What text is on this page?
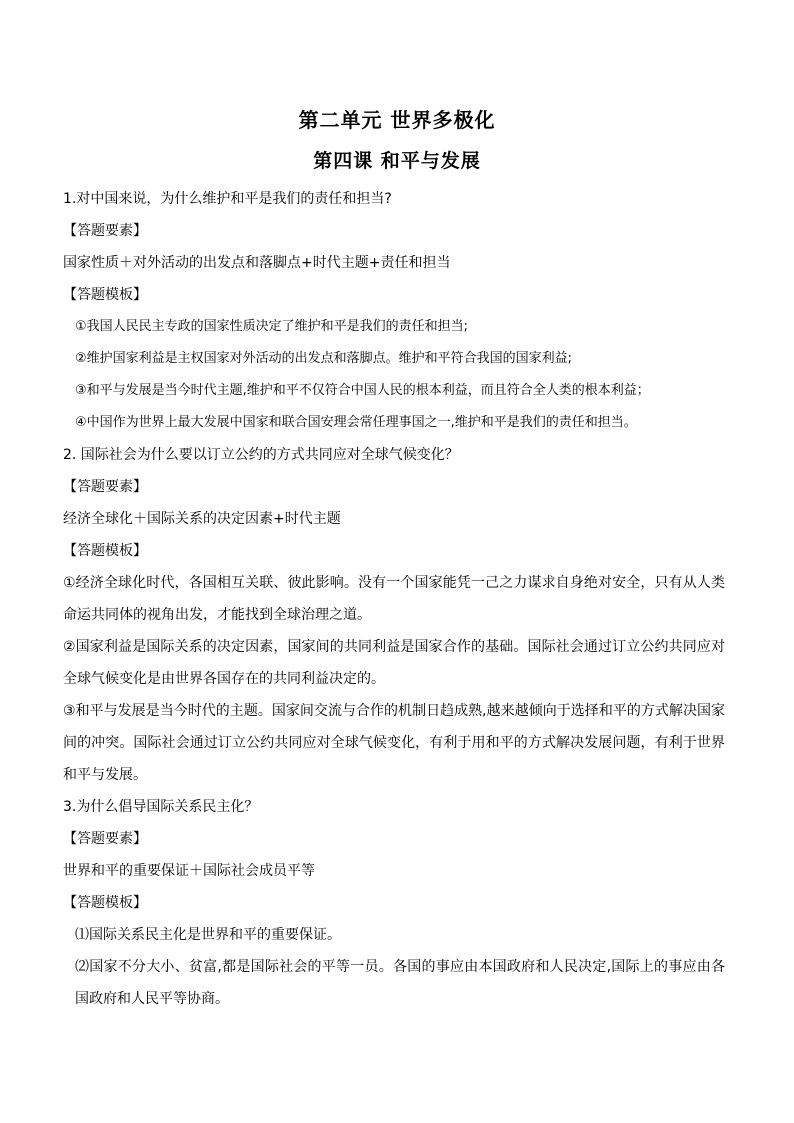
第二单元 世界多极化
第四课 和平与发展
1.对中国来说，为什么维护和平是我们的责任和担当?
【答题要素】
国家性质＋对外活动的出发点和落脚点+时代主题+责任和担当
【答题模板】
①我国人民民主专政的国家性质决定了维护和平是我们的责任和担当;
②维护国家利益是主权国家对外活动的出发点和落脚点。维护和平符合我国的国家利益;
③和平与发展是当今时代主题,维护和平不仅符合中国人民的根本利益，而且符合全人类的根本利益；
④中国作为世界上最大发展中国家和联合国安理会常任理事国之一,维护和平是我们的责任和担当。
2. 国际社会为什么要以订立公约的方式共同应对全球气候变化？
【答题要素】
经济全球化＋国际关系的决定因素+时代主题
【答题模板】
①经济全球化时代，各国相互关联、彼此影响。没有一个国家能凭一己之力谋求自身绝对安全，只有从人类命运共同体的视角出发，才能找到全球治理之道。
②国家利益是国际关系的决定因素，国家间的共同利益是国家合作的基础。国际社会通过订立公约共同应对全球气候变化是由世界各国存在的共同利益决定的。
③和平与发展是当今时代的主题。国家间交流与合作的机制日趋成熟,越来越倾向于选择和平的方式解决国家间的冲突。国际社会通过订立公约共同应对全球气候变化，有利于用和平的方式解决发展问题，有利于世界和平与发展。
3.为什么倡导国际关系民主化？
【答题要素】
世界和平的重要保证＋国际社会成员平等
【答题模板】
⑴国际关系民主化是世界和平的重要保证。
⑵国家不分大小、贫富,都是国际社会的平等一员。各国的事应由本国政府和人民决定,国际上的事应由各国政府和人民平等协商。
